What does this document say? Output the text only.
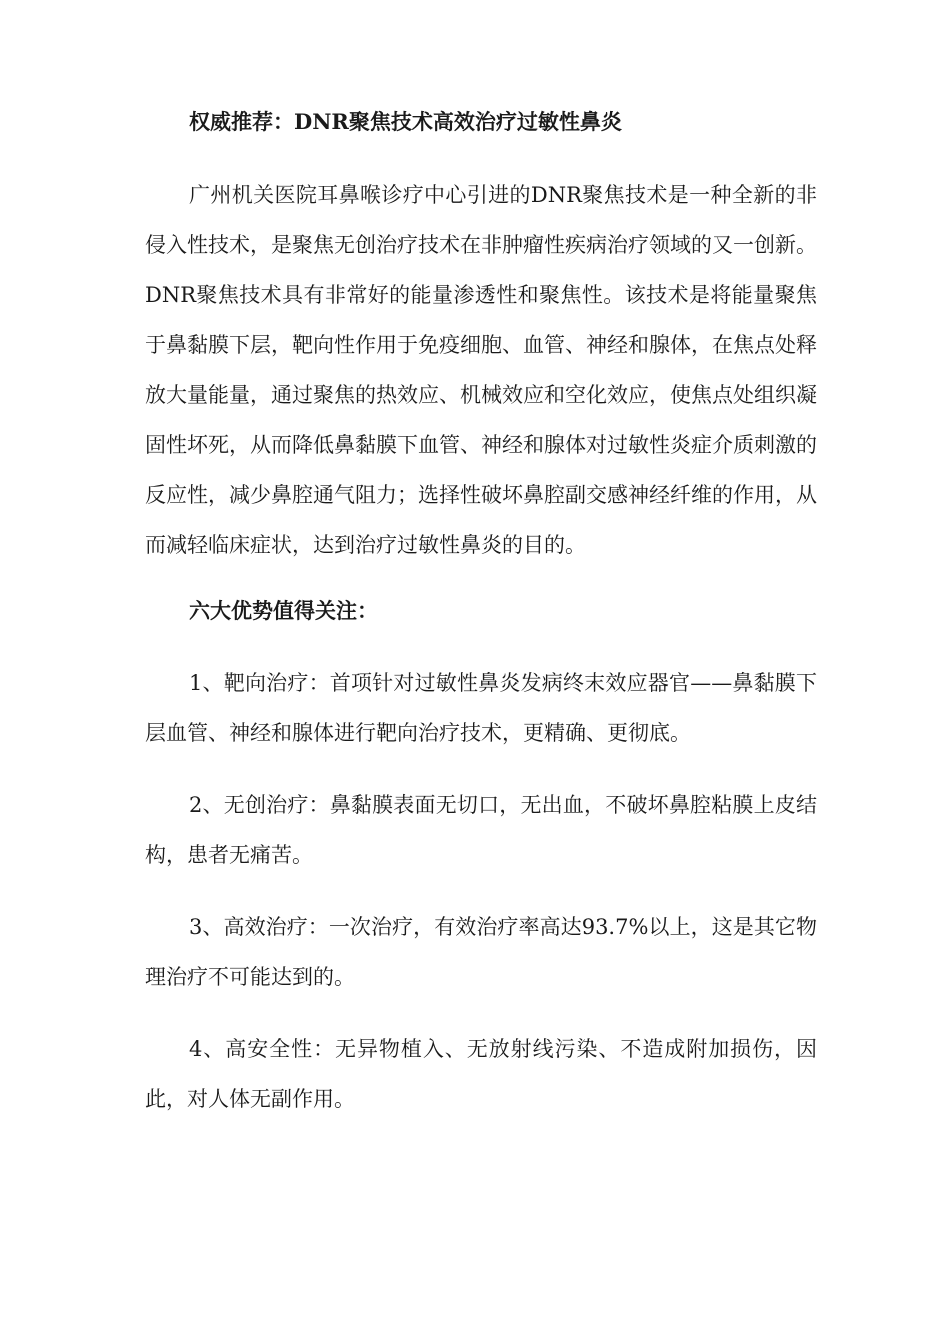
权威推荐：DNR聚焦技术高效治疗过敏性鼻炎

广州机关医院耳鼻喉诊疗中心引进的DNR聚焦技术是一种全新的非侵入性技术，是聚焦无创治疗技术在非肿瘤性疾病治疗领域的又一创新。DNR聚焦技术具有非常好的能量渗透性和聚焦性。该技术是将能量聚焦于鼻黏膜下层，靶向性作用于免疫细胞、血管、神经和腺体，在焦点处释放大量能量，通过聚焦的热效应、机械效应和空化效应，使焦点处组织凝固性坏死，从而降低鼻黏膜下血管、神经和腺体对过敏性炎症介质刺激的反应性，减少鼻腔通气阻力；选择性破坏鼻腔副交感神经纤维的作用，从而减轻临床症状，达到治疗过敏性鼻炎的目的。

六大优势值得关注：

1、靶向治疗：首项针对过敏性鼻炎发病终末效应器官——鼻黏膜下层血管、神经和腺体进行靶向治疗技术，更精确、更彻底。

2、无创治疗：鼻黏膜表面无切口，无出血，不破坏鼻腔粘膜上皮结构，患者无痛苦。

3、高效治疗：一次治疗，有效治疗率高达93.7%以上，这是其它物理治疗不可能达到的。

4、高安全性：无异物植入、无放射线污染、不造成附加损伤，因此，对人体无副作用。
